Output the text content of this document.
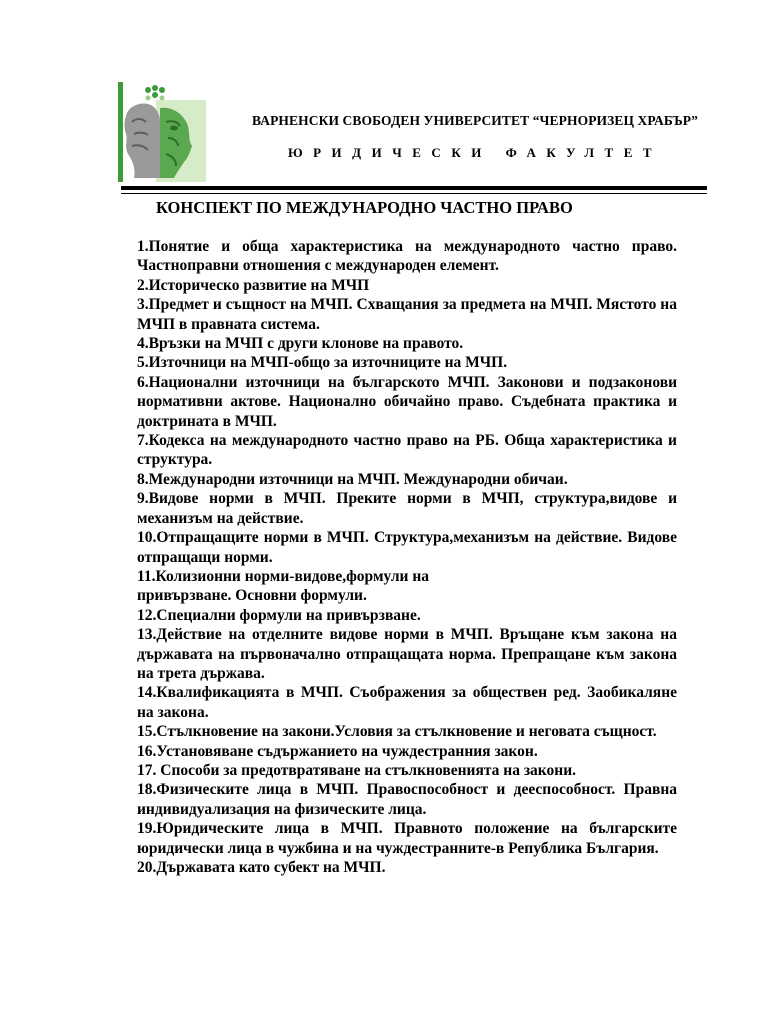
ВАРНЕНСКИ СВОБОДЕН УНИВЕРСИТЕТ “ЧЕРНОРИЗЕЦ ХРАБЪР”
ЮРИДИЧЕСКИ ФАКУЛТЕТ
КОНСПЕКТ ПО МЕЖДУНАРОДНО ЧАСТНО ПРАВО

1.Понятие и обща характеристика на международното частно право. Частноправни отношения с международен елемент.

2.Историческо развитие на МЧП

3.Предмет и същност на МЧП. Схващания за предмета на МЧП. Мястото на МЧП в правната система.

4.Връзки на МЧП с други клонове на правото.

5.Източници на МЧП-общо за източниците на МЧП.

6.Национални източници на българското МЧП. Законови и подзаконови нормативни актове. Национално обичайно право. Съдебната практика и доктрината в МЧП.

7.Кодекса на международното частно право на РБ. Обща характеристика и структура.

8.Международни източници на МЧП. Международни обичаи.

9.Видове норми в МЧП. Преките норми в МЧП, структура,видове и механизъм на действие.

10.Отпращащите норми в МЧП. Структура,механизъм на действие. Видове отпращащи норми.

11.Колизионни норми-видове,формули на

привързване. Основни формули.

12.Специални формули на привързване.

13.Действие на отделните видове норми в МЧП. Връщане към закона на държавата на първоначално отпращащата норма. Препращане към закона на трета държава.

14.Квалификацията в МЧП. Съображения за обществен ред. Заобикаляне на закона.

15.Стълкновение на закони.Условия за стълкновение и неговата същност.

16.Установяване съдържанието на чуждестранния закон.

17. Способи за предотвратяване на стълкновенията на закони.

18.Физическите лица в МЧП. Правоспособност и дееспособност. Правна индивидуализация на физическите лица.

19.Юридическите лица в МЧП. Правното положение на българските юридически лица в чужбина и на чуждестранните-в Република България.

20.Държавата като субект на МЧП.
